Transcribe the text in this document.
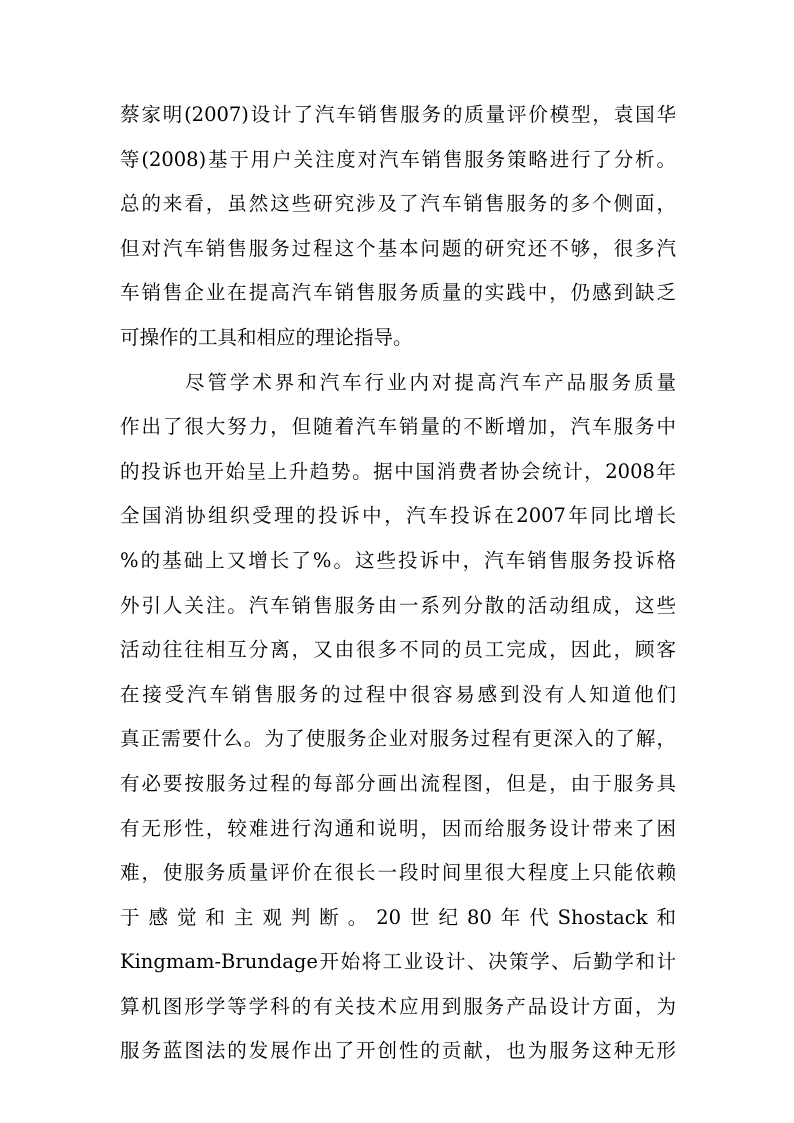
蔡家明(2007)设计了汽车销售服务的质量评价模型，袁国华
等(2008)基于用户关注度对汽车销售服务策略进行了分析。
总的来看，虽然这些研究涉及了汽车销售服务的多个侧面，
但对汽车销售服务过程这个基本问题的研究还不够，很多汽
车销售企业在提高汽车销售服务质量的实践中，仍感到缺乏
可操作的工具和相应的理论指导。
尽管学术界和汽车行业内对提高汽车产品服务质量
作出了很大努力，但随着汽车销量的不断增加，汽车服务中
的投诉也开始呈上升趋势。据中国消费者协会统计，2008年
全国消协组织受理的投诉中，汽车投诉在2007年同比增长
%的基础上又增长了%。这些投诉中，汽车销售服务投诉格
外引人关注。汽车销售服务由一系列分散的活动组成，这些
活动往往相互分离，又由很多不同的员工完成，因此，顾客
在接受汽车销售服务的过程中很容易感到没有人知道他们
真正需要什么。为了使服务企业对服务过程有更深入的了解，
有必要按服务过程的每部分画出流程图，但是，由于服务具
有无形性，较难进行沟通和说明，因而给服务设计带来了困
难，使服务质量评价在很长一段时间里很大程度上只能依赖
于感觉和主观判断。20世纪80年代Shostack和
Kingmam-Brundage开始将工业设计、决策学、后勤学和计
算机图形学等学科的有关技术应用到服务产品设计方面，为
服务蓝图法的发展作出了开创性的贡献，也为服务这种无形
